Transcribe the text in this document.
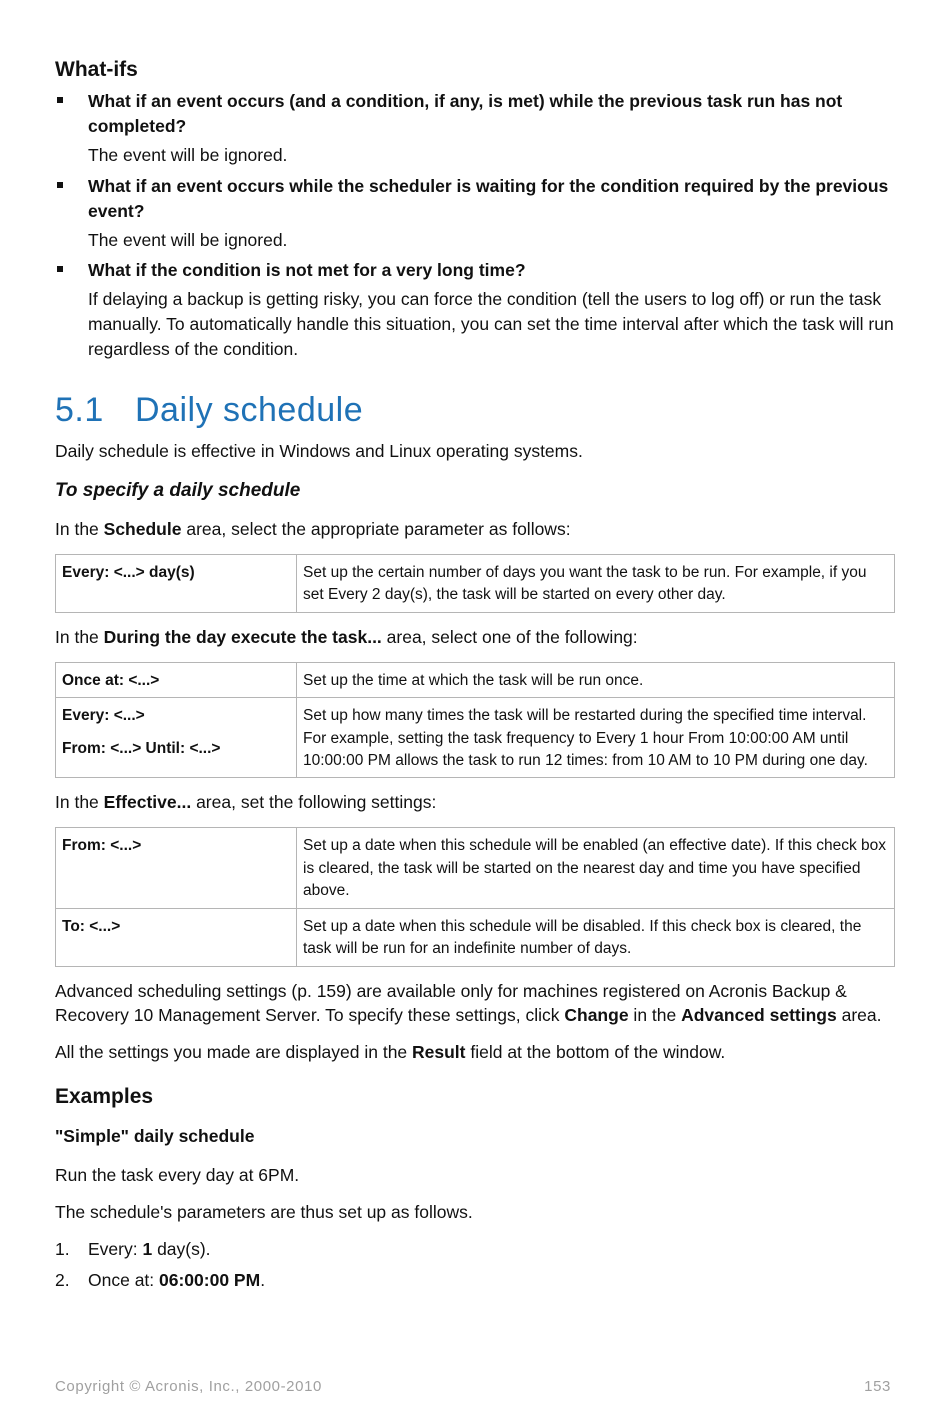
What-ifs
What if an event occurs (and a condition, if any, is met) while the previous task run has not completed?
The event will be ignored.
What if an event occurs while the scheduler is waiting for the condition required by the previous event?
The event will be ignored.
What if the condition is not met for a very long time?
If delaying a backup is getting risky, you can force the condition (tell the users to log off) or run the task manually. To automatically handle this situation, you can set the time interval after which the task will run regardless of the condition.
5.1 Daily schedule

Daily schedule is effective in Windows and Linux operating systems.

To specify a daily schedule

In the Schedule area, select the appropriate parameter as follows:

Every: <...> day(s)	Set up the certain number of days you want the task to be run. For example, if you set Every 2 day(s), the task will be started on every other day.

In the During the day execute the task... area, select one of the following:

Once at: <...>	Set up the time at which the task will be run once.
Every: <...>
From: <...> Until: <...>	Set up how many times the task will be restarted during the specified time interval. For example, setting the task frequency to Every 1 hour From 10:00:00 AM until 10:00:00 PM allows the task to run 12 times: from 10 AM to 10 PM during one day.

In the Effective... area, set the following settings:

From: <...>	Set up a date when this schedule will be enabled (an effective date). If this check box is cleared, the task will be started on the nearest day and time you have specified above.
To: <...>	Set up a date when this schedule will be disabled. If this check box is cleared, the task will be run for an indefinite number of days.

Advanced scheduling settings (p. 159) are available only for machines registered on Acronis Backup & Recovery 10 Management Server. To specify these settings, click Change in the Advanced settings area.

All the settings you made are displayed in the Result field at the bottom of the window.

Examples
"Simple" daily schedule

Run the task every day at 6PM.

The schedule's parameters are thus set up as follows.

1. Every: 1 day(s).
2. Once at: 06:00:00 PM.
Copyright © Acronis, Inc., 2000-2010	153
